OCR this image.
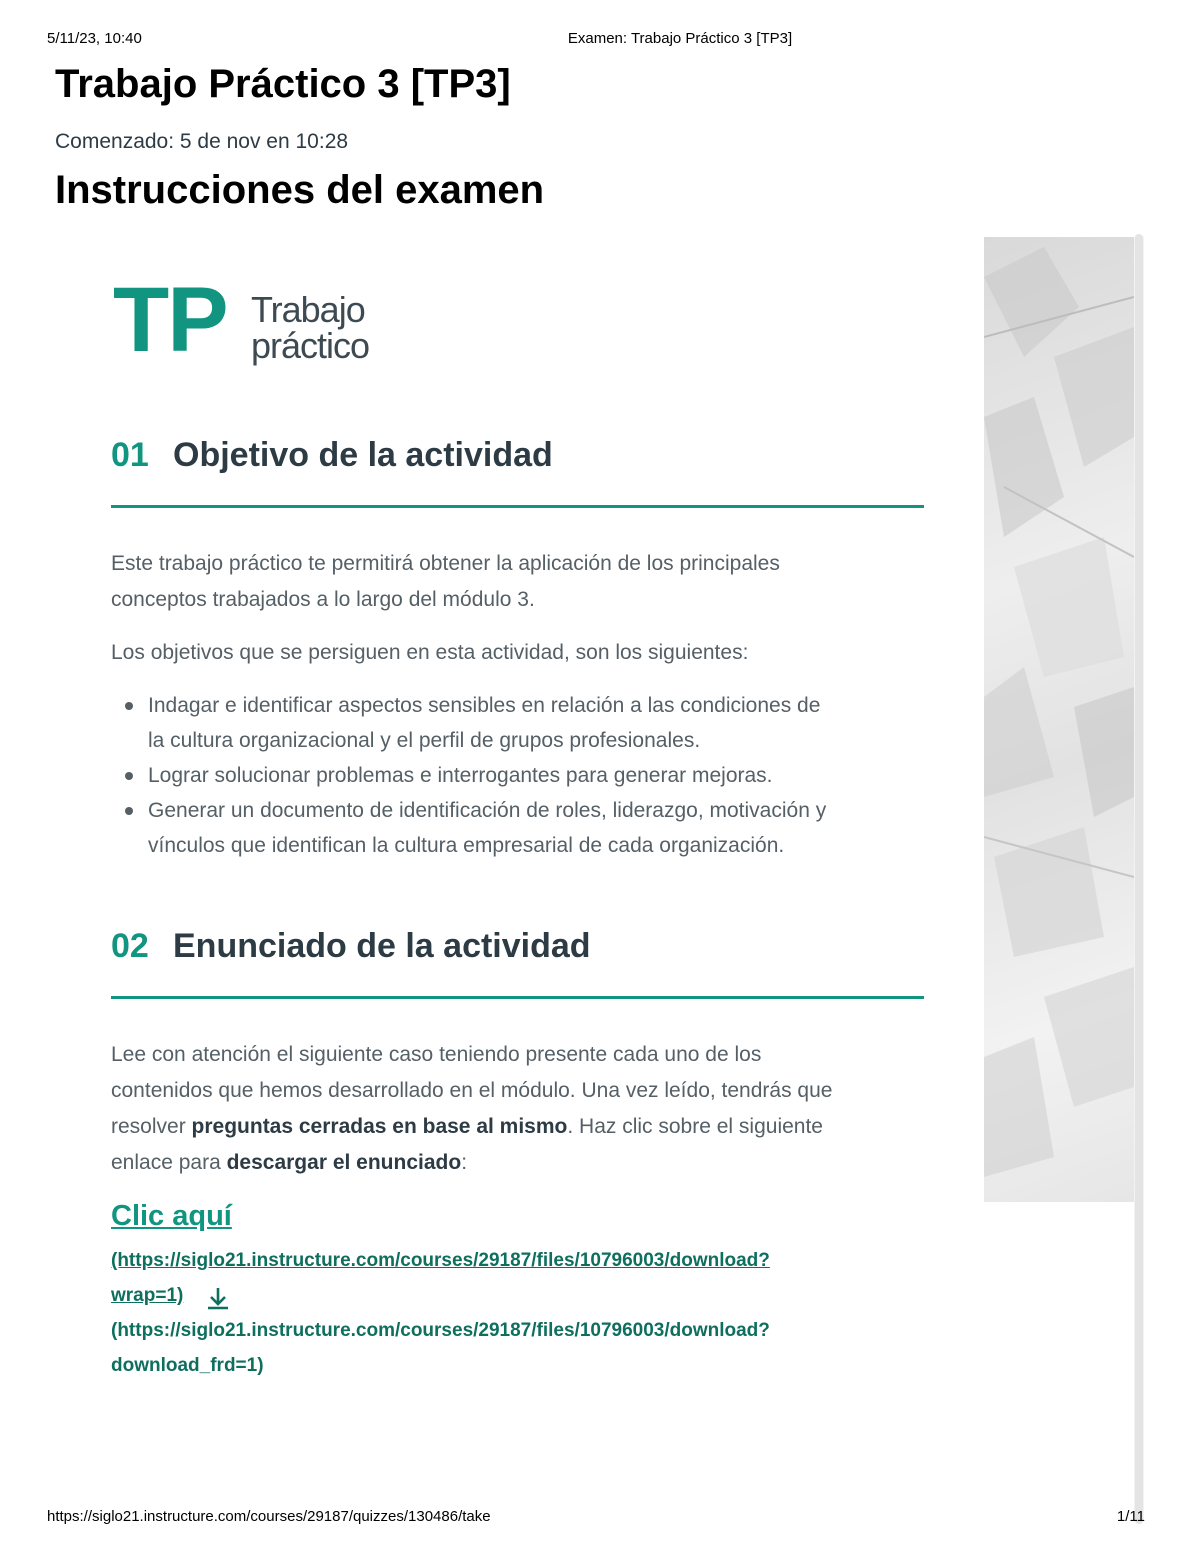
5/11/23, 10:40	Examen: Trabajo Práctico 3 [TP3]
Trabajo Práctico 3 [TP3]
Comenzado: 5 de nov en 10:28
Instrucciones del examen
TP Trabajo
práctico
01 Objetivo de la actividad

Este trabajo práctico te permitirá obtener la aplicación de los principales
conceptos trabajados a lo largo del módulo 3.

Los objetivos que se persiguen en esta actividad, son los siguientes:

Indagar e identificar aspectos sensibles en relación a las condiciones de
la cultura organizacional y el perfil de grupos profesionales.
Lograr solucionar problemas e interrogantes para generar mejoras.
Generar un documento de identificación de roles, liderazgo, motivación y
vínculos que identifican la cultura empresarial de cada organización.
02 Enunciado de la actividad

Lee con atención el siguiente caso teniendo presente cada uno de los
contenidos que hemos desarrollado en el módulo. Una vez leído, tendrás que
resolver preguntas cerradas en base al mismo. Haz clic sobre el siguiente
enlace para descargar el enunciado:

Clic aquí
(https://siglo21.instructure.com/courses/29187/files/10796003/download?
wrap=1)
(https://siglo21.instructure.com/courses/29187/files/10796003/download?
download_frd=1)
https://siglo21.instructure.com/courses/29187/quizzes/130486/take	1/11
